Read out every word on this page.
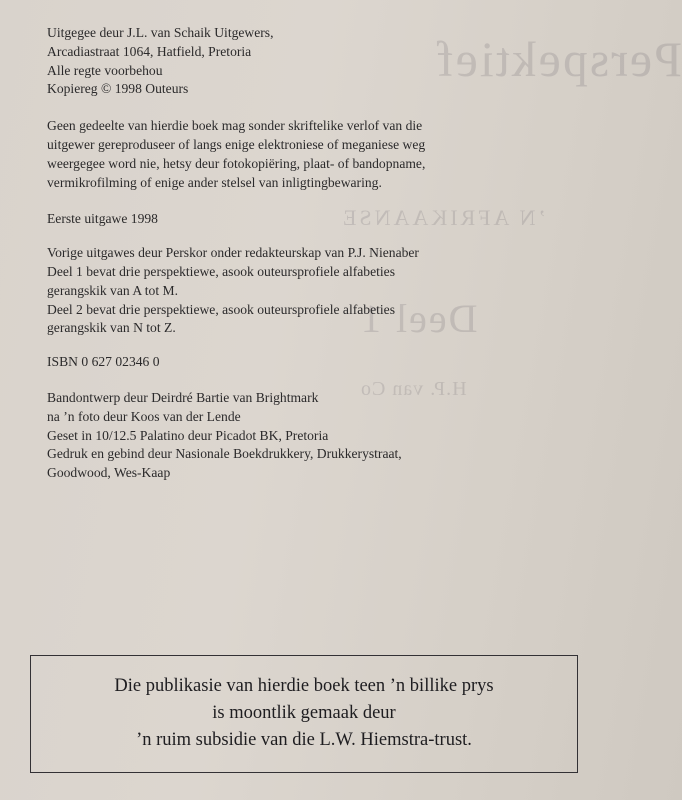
Perspektief
’N AFRIKAANSE
Deel 1
H.P. van Co
Uitgegee deur J.L. van Schaik Uitgewers,
Arcadiastraat 1064, Hatfield, Pretoria
Alle regte voorbehou
Kopiereg © 1998 Outeurs
Geen gedeelte van hierdie boek mag sonder skriftelike verlof van die
uitgewer gereproduseer of langs enige elektroniese of meganiese weg
weergegee word nie, hetsy deur fotokopiëring, plaat- of bandopname,
vermikrofilming of enige ander stelsel van inligtingbewaring.
Eerste uitgawe 1998
Vorige uitgawes deur Perskor onder redakteurskap van P.J. Nienaber
Deel 1 bevat drie perspektiewe, asook outeursprofiele alfabeties
gerangskik van A tot M.
Deel 2 bevat drie perspektiewe, asook outeursprofiele alfabeties
gerangskik van N tot Z.
ISBN 0 627 02346 0
Bandontwerp deur Deirdré Bartie van Brightmark
na ’n foto deur Koos van der Lende
Geset in 10/12.5 Palatino deur Picadot BK, Pretoria
Gedruk en gebind deur Nasionale Boekdrukkery, Drukkerystraat,
Goodwood, Wes-Kaap
Die publikasie van hierdie boek teen ’n billike prys
is moontlik gemaak deur
’n ruim subsidie van die L.W. Hiemstra-trust.
